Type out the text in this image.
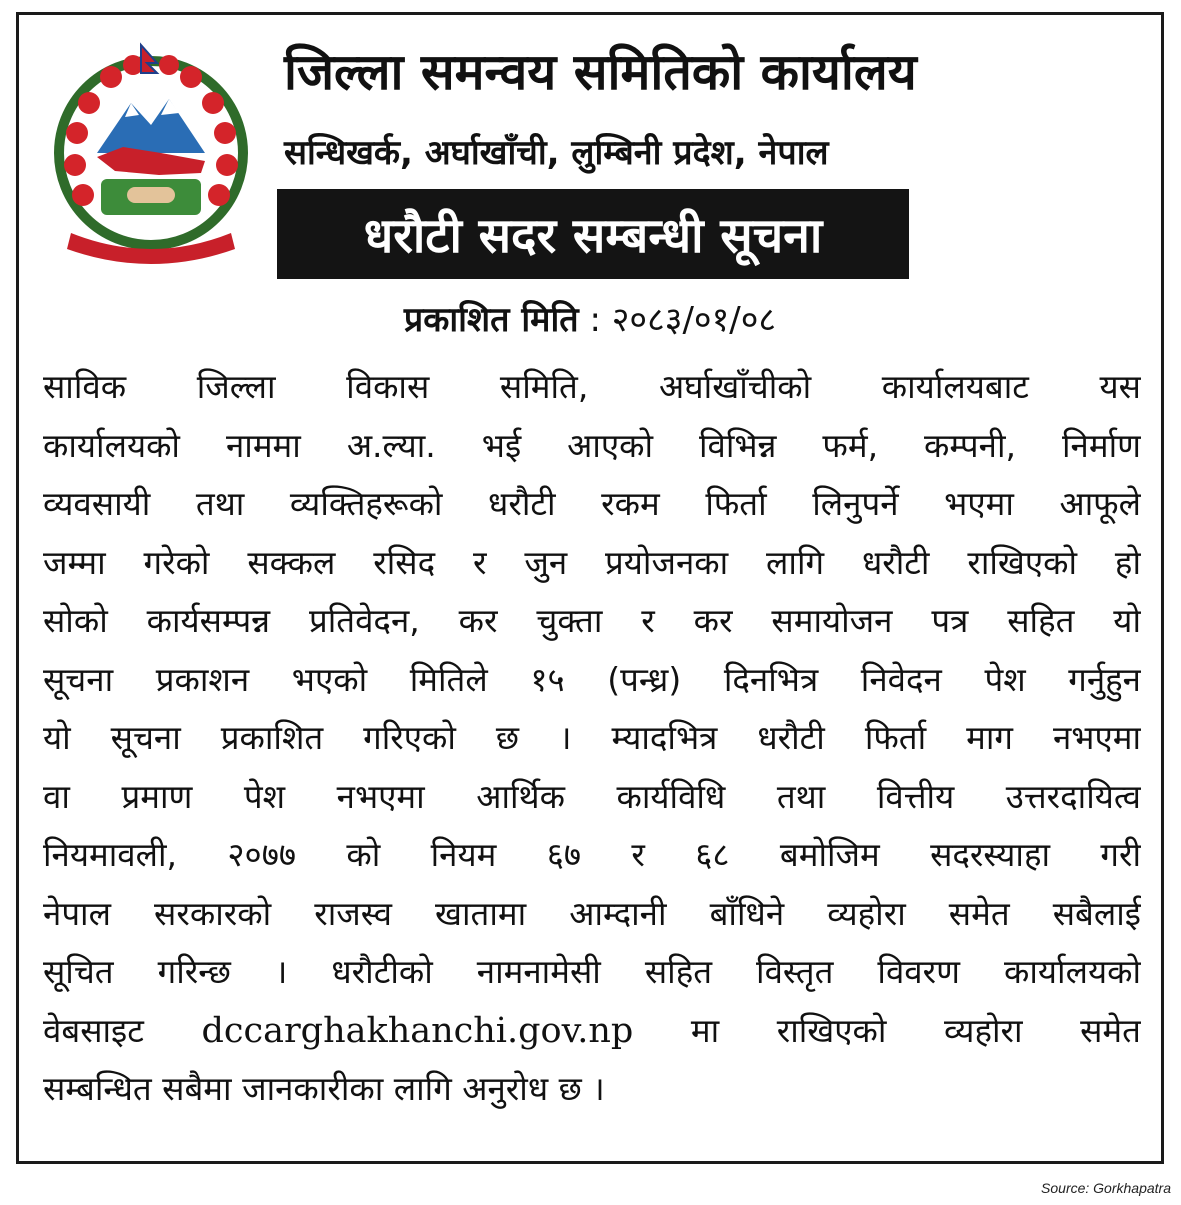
जिल्ला समन्वय समितिको कार्यालय
सन्धिखर्क, अर्घाखाँची, लुम्बिनी प्रदेश, नेपाल
धरौटी सदर सम्बन्धी सूचना
प्रकाशित मिति : २०८३/०१/०८
साविक जिल्ला विकास समिति, अर्घाखाँचीको कार्यालयबाट यस
कार्यालयको नाममा अ.ल्या. भई आएको विभिन्न फर्म, कम्पनी, निर्माण
व्यवसायी तथा व्यक्तिहरूको धरौटी रकम फिर्ता लिनुपर्ने भएमा आफूले
जम्मा गरेको सक्कल रसिद र जुन प्रयोजनका लागि धरौटी राखिएको हो
सोको कार्यसम्पन्न प्रतिवेदन, कर चुक्ता र कर समायोजन पत्र सहित यो
सूचना प्रकाशन भएको मितिले १५ (पन्ध्र) दिनभित्र निवेदन पेश गर्नुहुन
यो सूचना प्रकाशित गरिएको छ । म्यादभित्र धरौटी फिर्ता माग नभएमा
वा प्रमाण पेश नभएमा आर्थिक कार्यविधि तथा वित्तीय उत्तरदायित्व
नियमावली, २०७७ को नियम ६७ र ६८ बमोजिम सदरस्याहा गरी
नेपाल सरकारको राजस्व खातामा आम्दानी बाँधिने व्यहोरा समेत सबैलाई
सूचित गरिन्छ । धरौटीको नामनामेसी सहित विस्तृत विवरण कार्यालयको
वेबसाइट dccarghakhanchi.gov.np मा राखिएको व्यहोरा समेत
सम्बन्धित सबैमा जानकारीका लागि अनुरोध छ ।
Source: Gorkhapatra
